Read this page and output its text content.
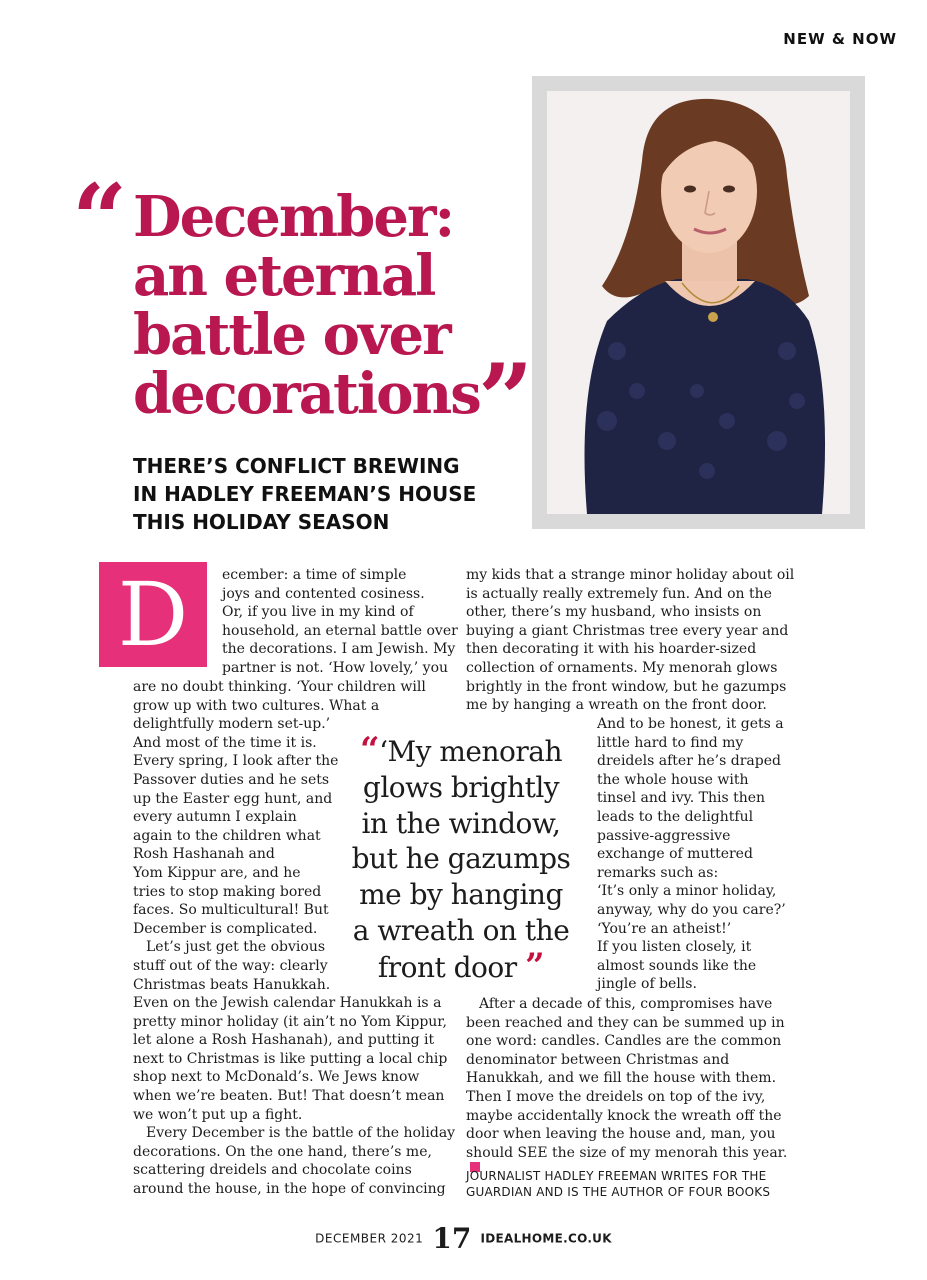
NEW & NOW
“ December:
an eternal
battle over
decorations
”
THERE’S CONFLICT BREWING
IN HADLEY FREEMAN’S HOUSE
THIS HOLIDAY SEASON
D	ecember: a time of simple
joys and contented cosiness.
Or, if you live in my kind of
household, an eternal battle over
the decorations. I am Jewish. My
partner is not. ‘How lovely,’ you
are no doubt thinking. ‘Your children will
grow up with two cultures. What a
delightfully modern set-up.’
And most of the time it is.
Every spring, I look after the
Passover duties and he sets
up the Easter egg hunt, and
every autumn I explain
again to the children what
Rosh Hashanah and
Yom Kippur are, and he
tries to stop making bored
faces. So multicultural! But
December is complicated.
Let’s just get the obvious
stuff out of the way: clearly
Christmas beats Hanukkah.
Even on the Jewish calendar Hanukkah is a
pretty minor holiday (it ain’t no Yom Kippur,
let alone a Rosh Hashanah), and putting it
next to Christmas is like putting a local chip
shop next to McDonald’s. We Jews know
when we’re beaten. But! That doesn’t mean
we won’t put up a fight.
Every December is the battle of the holiday
decorations. On the one hand, there’s me,
scattering dreidels and chocolate coins
around the house, in the hope of convincing
my kids that a strange minor holiday about oil
is actually really extremely fun. And on the
other, there’s my husband, who insists on
buying a giant Christmas tree every year and
then decorating it with his hoarder-sized
collection of ornaments. My menorah glows
brightly in the front window, but he gazumps
me by hanging a wreath on the front door.
“‘My menorah
glows brightly
in the window,
but he gazumps
me by hanging
a wreath on the
front door ”
And to be honest, it gets a
little hard to find my
dreidels after he’s draped
the whole house with
tinsel and ivy. This then
leads to the delightful
passive-aggressive
exchange of muttered
remarks such as:
‘It’s only a minor holiday,
anyway, why do you care?’
‘You’re an atheist!’
If you listen closely, it
almost sounds like the
jingle of bells.
After a decade of this, compromises have
been reached and they can be summed up in
one word: candles. Candles are the common
denominator between Christmas and
Hanukkah, and we fill the house with them.
Then I move the dreidels on top of the ivy,
maybe accidentally knock the wreath off the
door when leaving the house and, man, you
should SEE the size of my menorah this year.
JOURNALIST HADLEY FREEMAN WRITES FOR THE
GUARDIAN AND IS THE AUTHOR OF FOUR BOOKS
DECEMBER 2021 17 IDEALHOME.CO.UK
